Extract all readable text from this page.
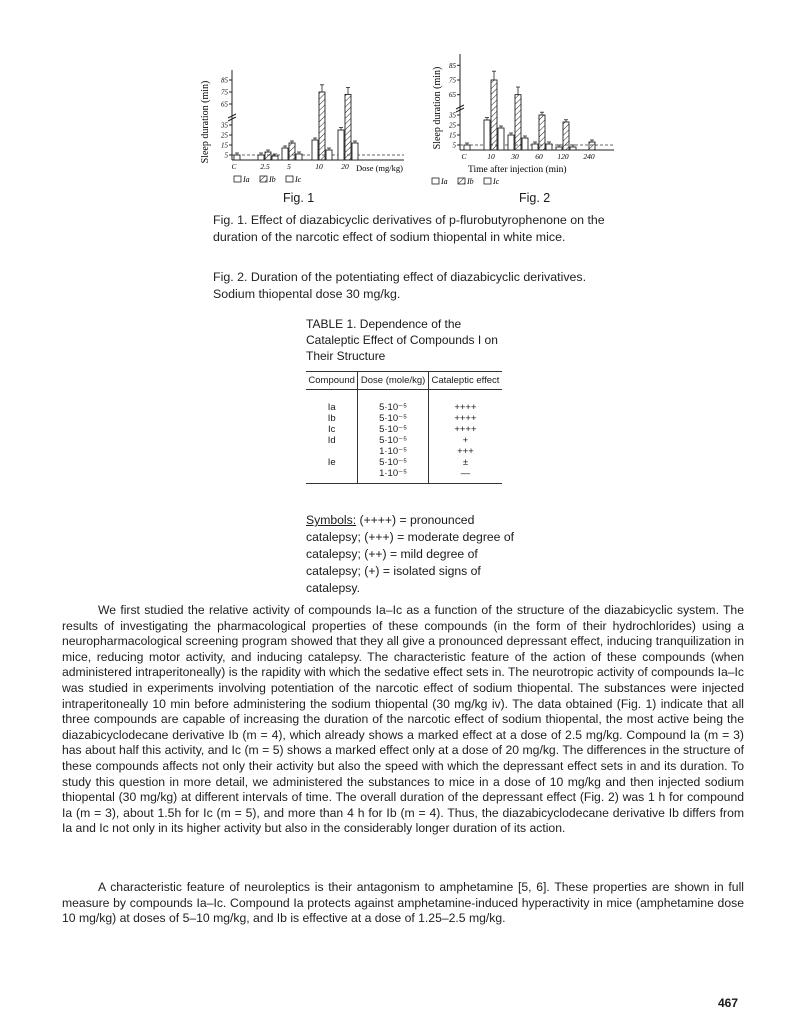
Sleep duration (min) 5
15
25
35
65
75
85
C	2.5 5	10 20 Dose (mg/kg)
Ia Ib Ic
Fig. 1
Sleep duration (min) 5
15
25
35
65
75
85
C	10 30 60 120 240
Time after injection (min)
Ia Ib Ic
Fig. 2
Fig. 1. Effect of diazabicyclic derivatives of p-flurobutyrophenone on the duration of the narcotic effect of sodium thiopental in white mice.
Fig. 2. Duration of the potentiating effect of diazabicyclic derivatives. Sodium thiopental dose 30 mg/kg.
TABLE 1. Dependence of the Cataleptic Effect of Compounds I on Their Structure
Compound	Dose (mole/kg)	Cataleptic effect
Ia	5·10⁻⁵	++++
Ib	5·10⁻⁵	++++
Ic	5·10⁻⁵	++++
Id	5·10⁻⁵	+
	1·10⁻⁵	+++
Ie	5·10⁻⁵	±
	1·10⁻⁵	—
Symbols: (++++) = pronounced catalepsy; (+++) = moderate degree of catalepsy; (++) = mild degree of catalepsy; (+) = isolated signs of catalepsy.

We first studied the relative activity of compounds Ia–Ic as a function of the structure of the diazabicyclic system. The results of investigating the pharmacological properties of these compounds (in the form of their hydrochlorides) using a neuropharmacological screening program showed that they all give a pronounced depressant effect, inducing tranquilization in mice, reducing motor activity, and inducing catalepsy. The characteristic feature of the action of these compounds (when administered intraperitoneally) is the rapidity with which the sedative effect sets in. The neurotropic activity of compounds Ia–Ic was studied in experiments involving potentiation of the narcotic effect of sodium thiopental. The substances were injected intraperitoneally 10 min before administering the sodium thiopental (30 mg/kg iv). The data obtained (Fig. 1) indicate that all three compounds are capable of increasing the duration of the narcotic effect of sodium thiopental, the most active being the diazabicyclodecane derivative Ib (m = 4), which already shows a marked effect at a dose of 2.5 mg/kg. Compound Ia (m = 3) has about half this activity, and Ic (m = 5) shows a marked effect only at a dose of 20 mg/kg. The differences in the structure of these compounds affects not only their activity but also the speed with which the depressant effect sets in and its duration. To study this question in more detail, we administered the substances to mice in a dose of 10 mg/kg and then injected sodium thiopental (30 mg/kg) at different intervals of time. The overall duration of the depressant effect (Fig. 2) was 1 h for compound Ia (m = 3), about 1.5h for Ic (m = 5), and more than 4 h for Ib (m = 4). Thus, the diazabicyclodecane derivative Ib differs from Ia and Ic not only in its higher activity but also in the considerably longer duration of its action.

A characteristic feature of neuroleptics is their antagonism to amphetamine [5, 6]. These properties are shown in full measure by compounds Ia–Ic. Compound Ia protects against amphetamine-induced hyperactivity in mice (amphetamine dose 10 mg/kg) at doses of 5–10 mg/kg, and Ib is effective at a dose of 1.25–2.5 mg/kg.

467
